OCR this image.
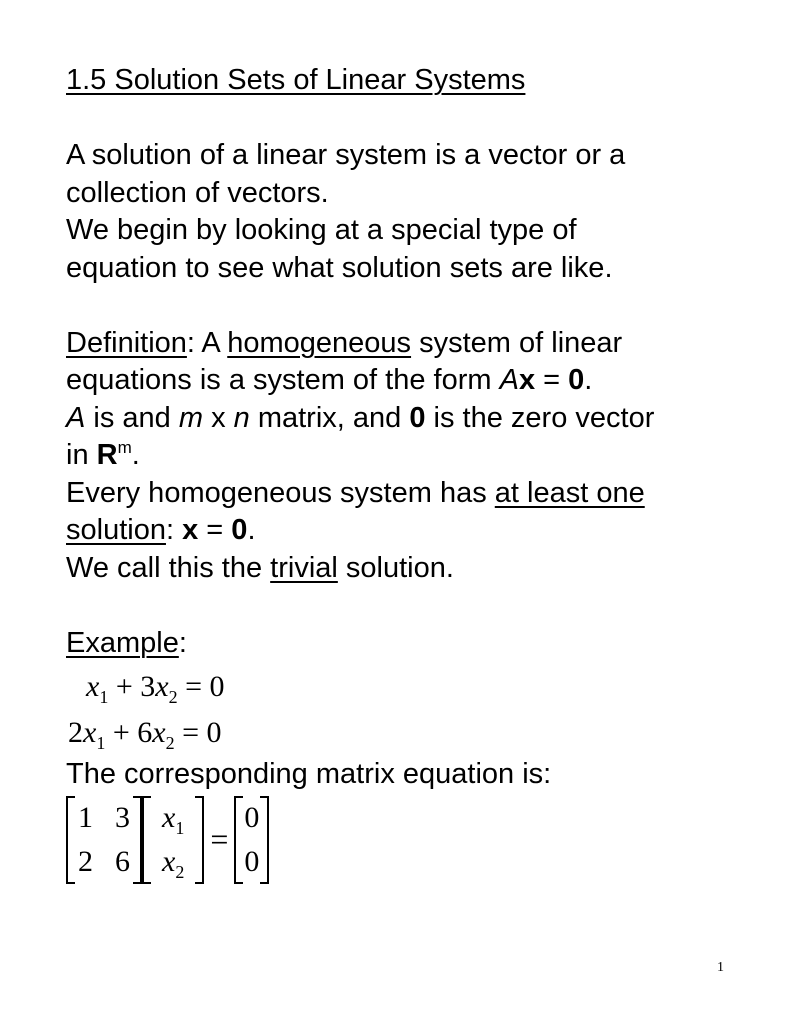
1.5 Solution Sets of Linear Systems
A solution of a linear system is a vector or a
collection of vectors.
We begin by looking at a special type of
equation to see what solution sets are like.
Definition: A homogeneous system of linear
equations is a system of the form Ax = 0.
A is and m x n matrix, and 0 is the zero vector
in $R^m$.
Every homogeneous system has at least one
solution: x = 0.
We call this the trivial solution.
Example:
$x_1 + 3x_2 = 0$
$2x_1 + 6x_2 = 0$
The corresponding matrix equation is:
1 3
2 6
$x_1$
$x_2$
=
0
0
1
